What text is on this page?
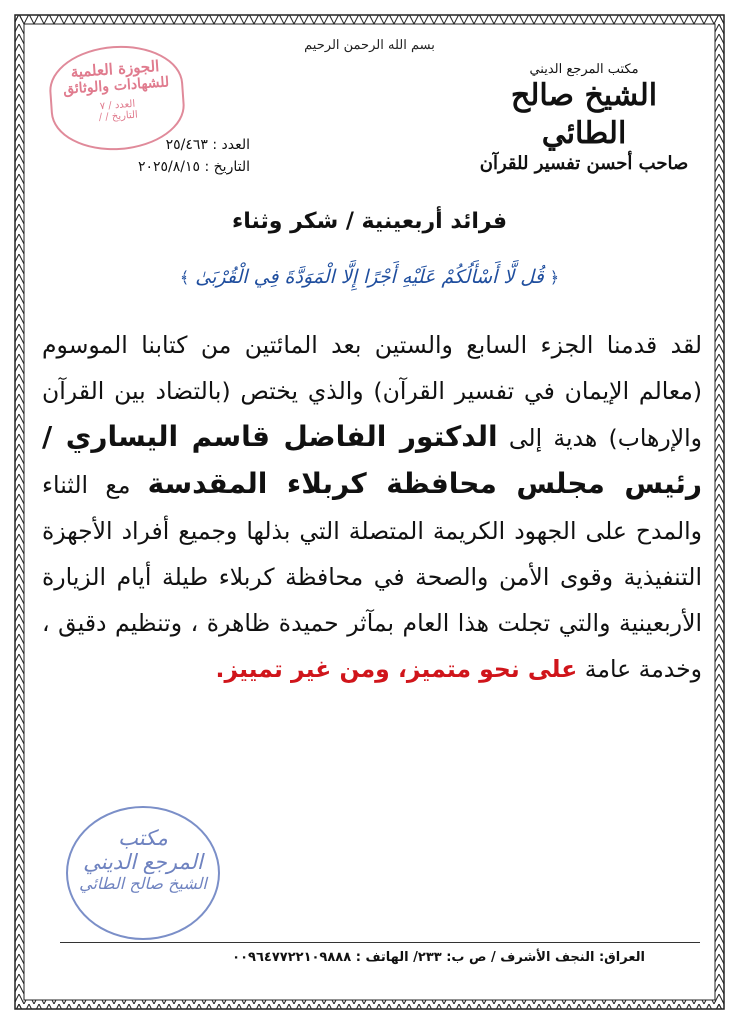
بسم الله الرحمن الرحيم
مكتب المرجع الديني
الشيخ صالح الطائي
صاحب أحسن تفسير للقرآن
الجوزة العلمية
للشهادات والوثائق
العدد / ٧
التاريخ / /
العدد : ٢٥/٤٦٣
التاريخ : ٢٠٢٥/٨/١٥
فرائد أربعينية / شكر وثناء
﴿ قُل لَّا أَسْأَلُكُمْ عَلَيْهِ أَجْرًا إِلَّا الْمَوَدَّةَ فِي الْقُرْبَىٰ ﴾
لقد قدمنا الجزء السابع والستين بعد المائتين من كتابنا الموسوم (معالم الإيمان في تفسير القرآن) والذي يختص (بالتضاد بين القرآن والإرهاب) هدية إلى الدكتور الفاضل قاسم اليساري / رئيس مجلس محافظة كربلاء المقدسة مع الثناء والمدح على الجهود الكريمة المتصلة التي بذلها وجميع أفراد الأجهزة التنفيذية وقوى الأمن والصحة في محافظة كربلاء طيلة أيام الزيارة الأربعينية والتي تجلت هذا العام بمآثر حميدة ظاهرة ، وتنظيم دقيق ، وخدمة عامة على نحو متميز، ومن غير تمييز.
مكتب
المرجع الديني
الشيخ صالح الطائي
العراق: النجف الأشرف / ص ب: ٢٣٣/ الهاتف : ٠٠٩٦٤٧٧٢٢١٠٩٨٨٨
